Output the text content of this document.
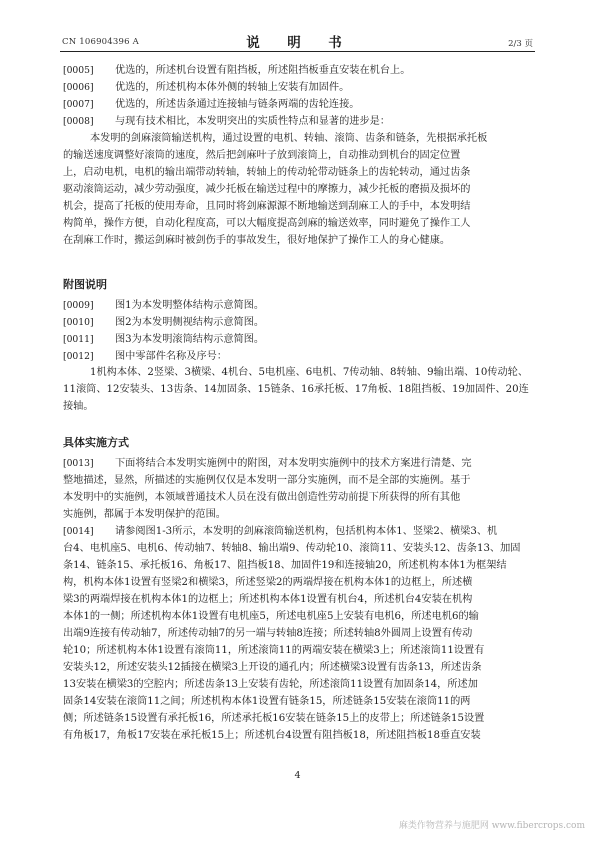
CN 106904396 A	说　明　书	2/3 页
[0005] 优选的，所述机台设置有阻挡板，所述阻挡板垂直安装在机台上。
[0006] 优选的，所述机构本体外侧的转轴上安装有加固件。
[0007] 优选的，所述齿条通过连接轴与链条两端的齿轮连接。
[0008] 与现有技术相比，本发明突出的实质性特点和显著的进步是：
本发明的剑麻滚筒输送机构，通过设置的电机、转轴、滚筒、齿条和链条，先根据承托板
的输送速度调整好滚筒的速度，然后把剑麻叶子放到滚筒上，自动推动到机台的固定位置
上，启动电机，电机的输出端带动转轴，转轴上的传动轮带动链条上的齿轮转动，通过齿条
驱动滚筒运动，减少劳动强度，减少托板在输送过程中的摩擦力，减少托板的磨损及损坏的
机会，提高了托板的使用寿命，且同时将剑麻源源不断地输送到刮麻工人的手中，本发明结
构简单，操作方便，自动化程度高，可以大幅度提高剑麻的输送效率，同时避免了操作工人
在刮麻工作时，搬运剑麻时被剑伤手的事故发生，很好地保护了操作工人的身心健康。
附图说明
[0009] 图1为本发明整体结构示意简图。
[0010] 图2为本发明侧视结构示意简图。
[0011] 图3为本发明滚筒结构示意简图。
[0012] 图中零部件名称及序号：
1机构本体、2竖梁、3横梁、4机台、5电机座、6电机、7传动轴、8转轴、9输出端、10传动轮、
11滚筒、12安装头、13齿条、14加固条、15链条、16承托板、17角板、18阻挡板、19加固件、20连
接轴。
具体实施方式
[0013] 下面将结合本发明实施例中的附图，对本发明实施例中的技术方案进行清楚、完
整地描述，显然，所描述的实施例仅仅是本发明一部分实施例，而不是全部的实施例。基于
本发明中的实施例，本领域普通技术人员在没有做出创造性劳动前提下所获得的所有其他
实施例，都属于本发明保护的范围。
[0014] 请参阅图1-3所示，本发明的剑麻滚筒输送机构，包括机构本体1、竖梁2、横梁3、机
台4、电机座5、电机6、传动轴7、转轴8、输出端9、传动轮10、滚筒11、安装头12、齿条13、加固
条14、链条15、承托板16、角板17、阻挡板18、加固件19和连接轴20，所述机构本体1为框架结
构，机构本体1设置有竖梁2和横梁3，所述竖梁2的两端焊接在机构本体1的边框上，所述横
梁3的两端焊接在机构本体1的边框上；所述机构本体1设置有机台4，所述机台4安装在机构
本体1的一侧；所述机构本体1设置有电机座5，所述电机座5上安装有电机6，所述电机6的输
出端9连接有传动轴7，所述传动轴7的另一端与转轴8连接；所述转轴8外圆周上设置有传动
轮10；所述机构本体1设置有滚筒11，所述滚筒11的两端安装在横梁3上；所述滚筒11设置有
安装头12，所述安装头12插接在横梁3上开设的通孔内；所述横梁3设置有齿条13，所述齿条
13安装在横梁3的空腔内；所述齿条13上安装有齿轮，所述滚筒11设置有加固条14，所述加
固条14安装在滚筒11之间；所述机构本体1设置有链条15，所述链条15安装在滚筒11的两
侧；所述链条15设置有承托板16，所述承托板16安装在链条15上的皮带上；所述链条15设置
有角板17，角板17安装在承托板15上；所述机台4设置有阻挡板18，所述阻挡板18垂直安装
4
麻类作物营养与施肥网 www.fibercrops.com
